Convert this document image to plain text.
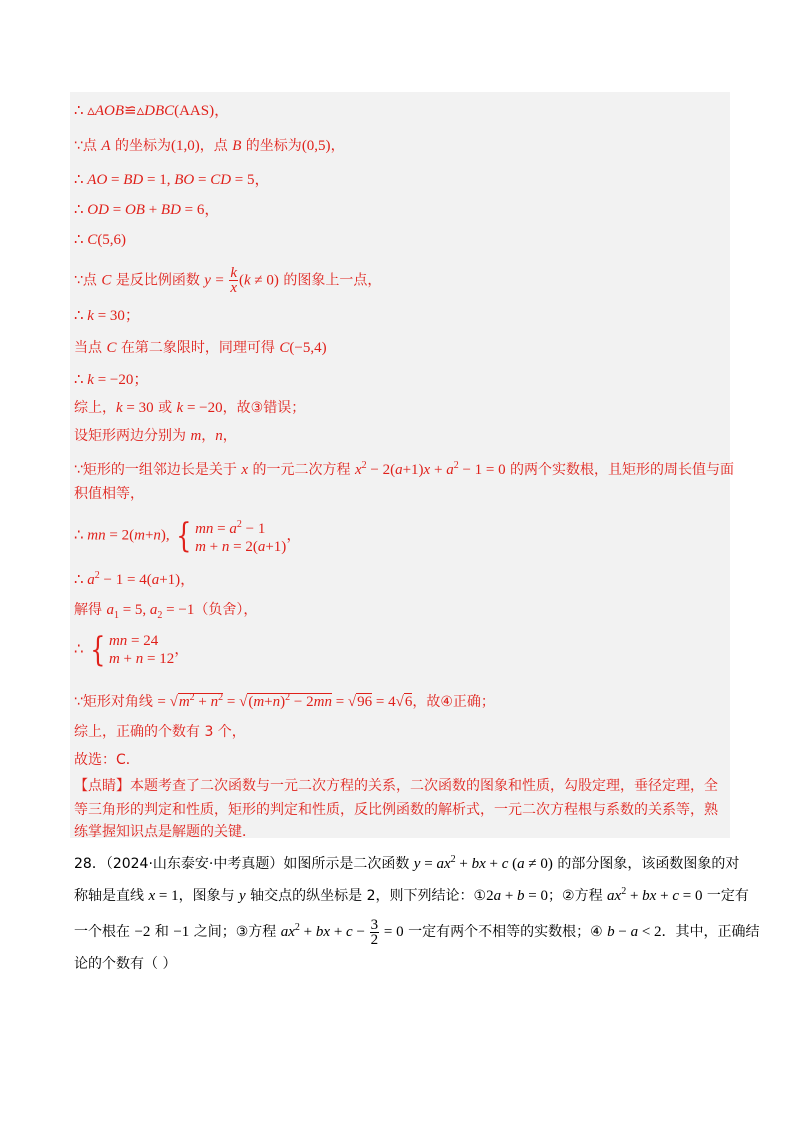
∴ ▵AOB≌▵DBC(AAS)，
∵点 A 的坐标为(1,0)，点 B 的坐标为(0,5)，
∴ AO = BD = 1, BO = CD = 5，
∴ OD = OB + BD = 6，
∴ C(5,6)
∵点 C 是反比例函数 $y = \frac{k}{x} (k \ne 0)$ 的图象上一点，
∴ k = 30；
当点 C 在第二象限时，同理可得 C(−5,4)
∴ k = −20；
综上，k = 30 或 k = −20，故③错误；
设矩形两边分别为 m，n，
∵矩形的一组邻边长是关于 x 的一元二次方程 $x^2 - 2(a+1)x + a^2 - 1 = 0$ 的两个实数根，且矩形的周长值与面
积值相等，
∴ mn = 2(m+n), { mn = $a^2 - 1$
m + n = 2(a+1)
，
∴ $a^2 - 1 = 4(a+1)$，
解得 $a_1 = 5$, $a_2 = -1$（负舍），
∴ { mn = 24
m + n = 12
，
∵矩形对角线 = $√m^2 + n^2 = √(m+n)^2 - 2mn = √96 = 4√6$，故④正确；
综上，正确的个数有 3 个，
故选：C．
【点睛】本题考查了二次函数与一元二次方程的关系，二次函数的图象和性质，勾股定理，垂径定理，全
等三角形的判定和性质，矩形的判定和性质，反比例函数的解析式，一元二次方程根与系数的关系等，熟
练掌握知识点是解题的关键．
28．（2024·山东泰安·中考真题）如图所示是二次函数 $y = ax^2$ + bx + c (a ≠ 0) 的部分图象，该函数图象的对
称轴是直线 x = 1，图象与 y 轴交点的纵坐标是 2，则下列结论：①2a + b = 0；②方程 $ax^2$ + bx + c = 0 一定有
一个根在 −2 和 −1 之间；③方程 $ax^2$ + bx + $c - \frac{3}{2} = 0$ 一定有两个不相等的实数根；④ b − a < 2．其中，正确结
论的个数有（ ）
